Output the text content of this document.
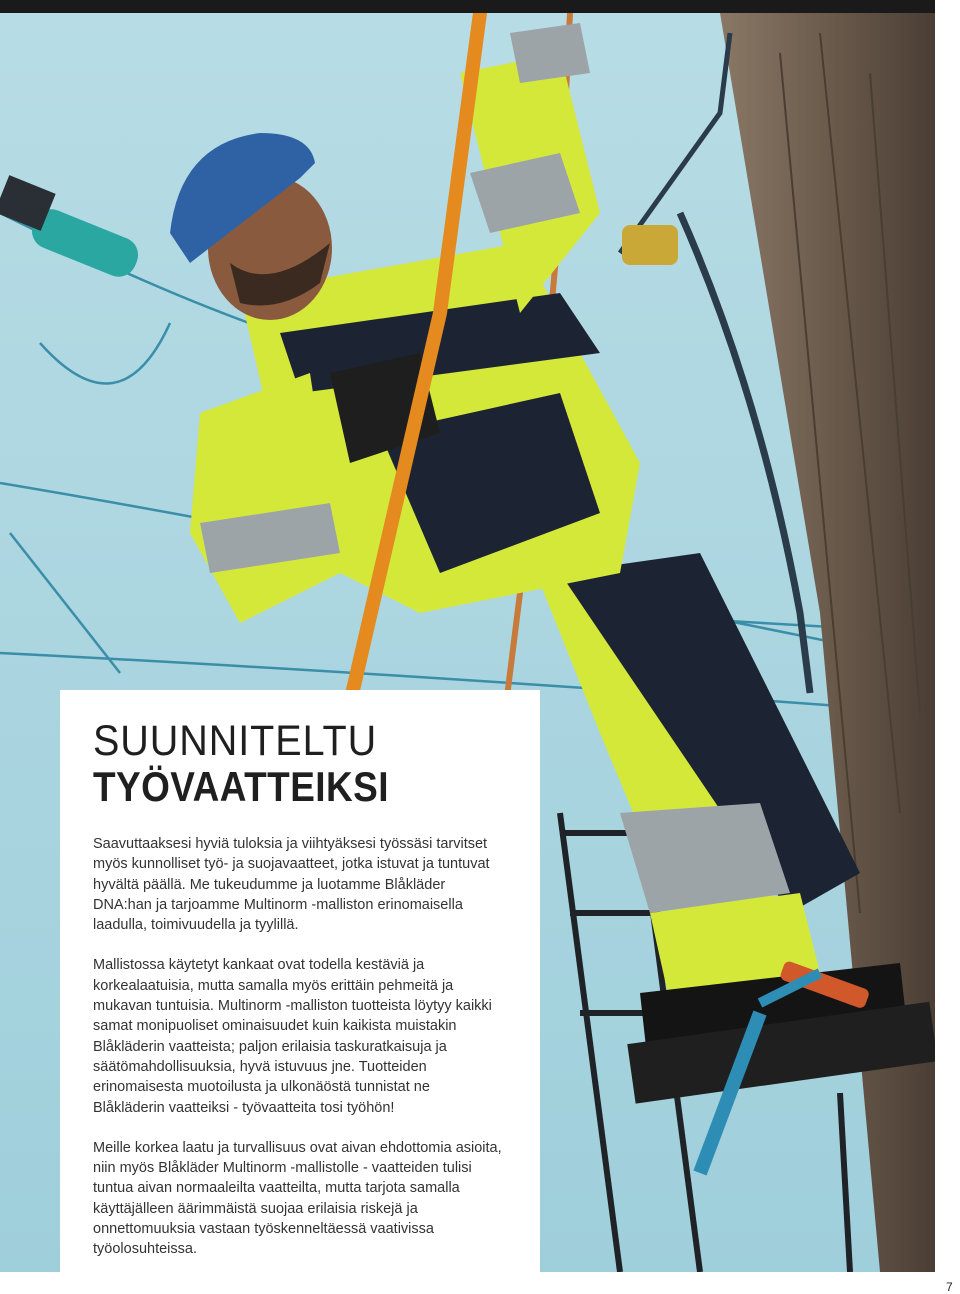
SUUNNITELTU
TYÖVAATTEIKSI

Saavuttaaksesi hyviä tuloksia ja viihtyäksesi työssäsi tarvitset myös kunnolliset työ- ja suojavaatteet, jotka istuvat ja tuntuvat hyvältä päällä. Me tukeudumme ja luotamme Blåkläder DNA:han ja tarjoamme Multinorm -malliston erinomaisella laadulla, toimivuudella ja tyylillä.

Mallistossa käytetyt kankaat ovat todella kestäviä ja korkealaatuisia, mutta samalla myös erittäin pehmeitä ja mukavan tuntuisia. Multinorm -malliston tuotteista löytyy kaikki samat monipuoliset ominaisuudet kuin kaikista muistakin Blåkläderin vaatteista; paljon erilaisia taskuratkaisuja ja säätömahdollisuuksia, hyvä istuvuus jne. Tuotteiden erinomaisesta muotoilusta ja ulkonäöstä tunnistat ne Blåkläderin vaatteiksi - työvaatteita tosi työhön!

Meille korkea laatu ja turvallisuus ovat aivan ehdottomia asioita, niin myös Blåkläder Multinorm -mallistolle - vaatteiden tulisi tuntua aivan normaaleilta vaatteilta, mutta tarjota samalla käyttäjälleen äärimmäistä suojaa erilaisia riskejä ja onnettomuuksia vastaan työskenneltäessä vaativissa työolosuhteissa.

7
